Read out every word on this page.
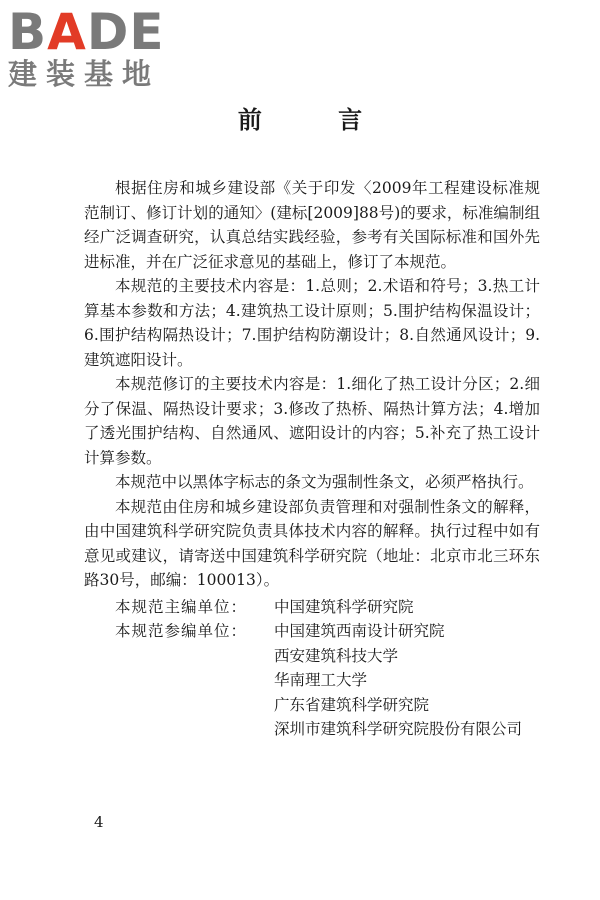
BADE
建装基地
前 言

根据住房和城乡建设部《关于印发〈2009年工程建设标准规范制订、修订计划的通知〉(建标[2009]88号)的要求，标准编制组经广泛调查研究，认真总结实践经验，参考有关国际标准和国外先进标准，并在广泛征求意见的基础上，修订了本规范。

本规范的主要技术内容是：1.总则；2.术语和符号；3.热工计算基本参数和方法；4.建筑热工设计原则；5.围护结构保温设计；6.围护结构隔热设计；7.围护结构防潮设计；8.自然通风设计；9.建筑遮阳设计。

本规范修订的主要技术内容是：1.细化了热工设计分区；2.细分了保温、隔热设计要求；3.修改了热桥、隔热计算方法；4.增加了透光围护结构、自然通风、遮阳设计的内容；5.补充了热工设计计算参数。

本规范中以黑体字标志的条文为强制性条文，必须严格执行。

本规范由住房和城乡建设部负责管理和对强制性条文的解释，由中国建筑科学研究院负责具体技术内容的解释。执行过程中如有意见或建议，请寄送中国建筑科学研究院（地址：北京市北三环东路30号，邮编：100013）。

本规范主编单位：	中国建筑科学研究院
本规范参编单位：	中国建筑西南设计研究院
西安建筑科技大学
华南理工大学
广东省建筑科学研究院
深圳市建筑科学研究院股份有限公司
4
